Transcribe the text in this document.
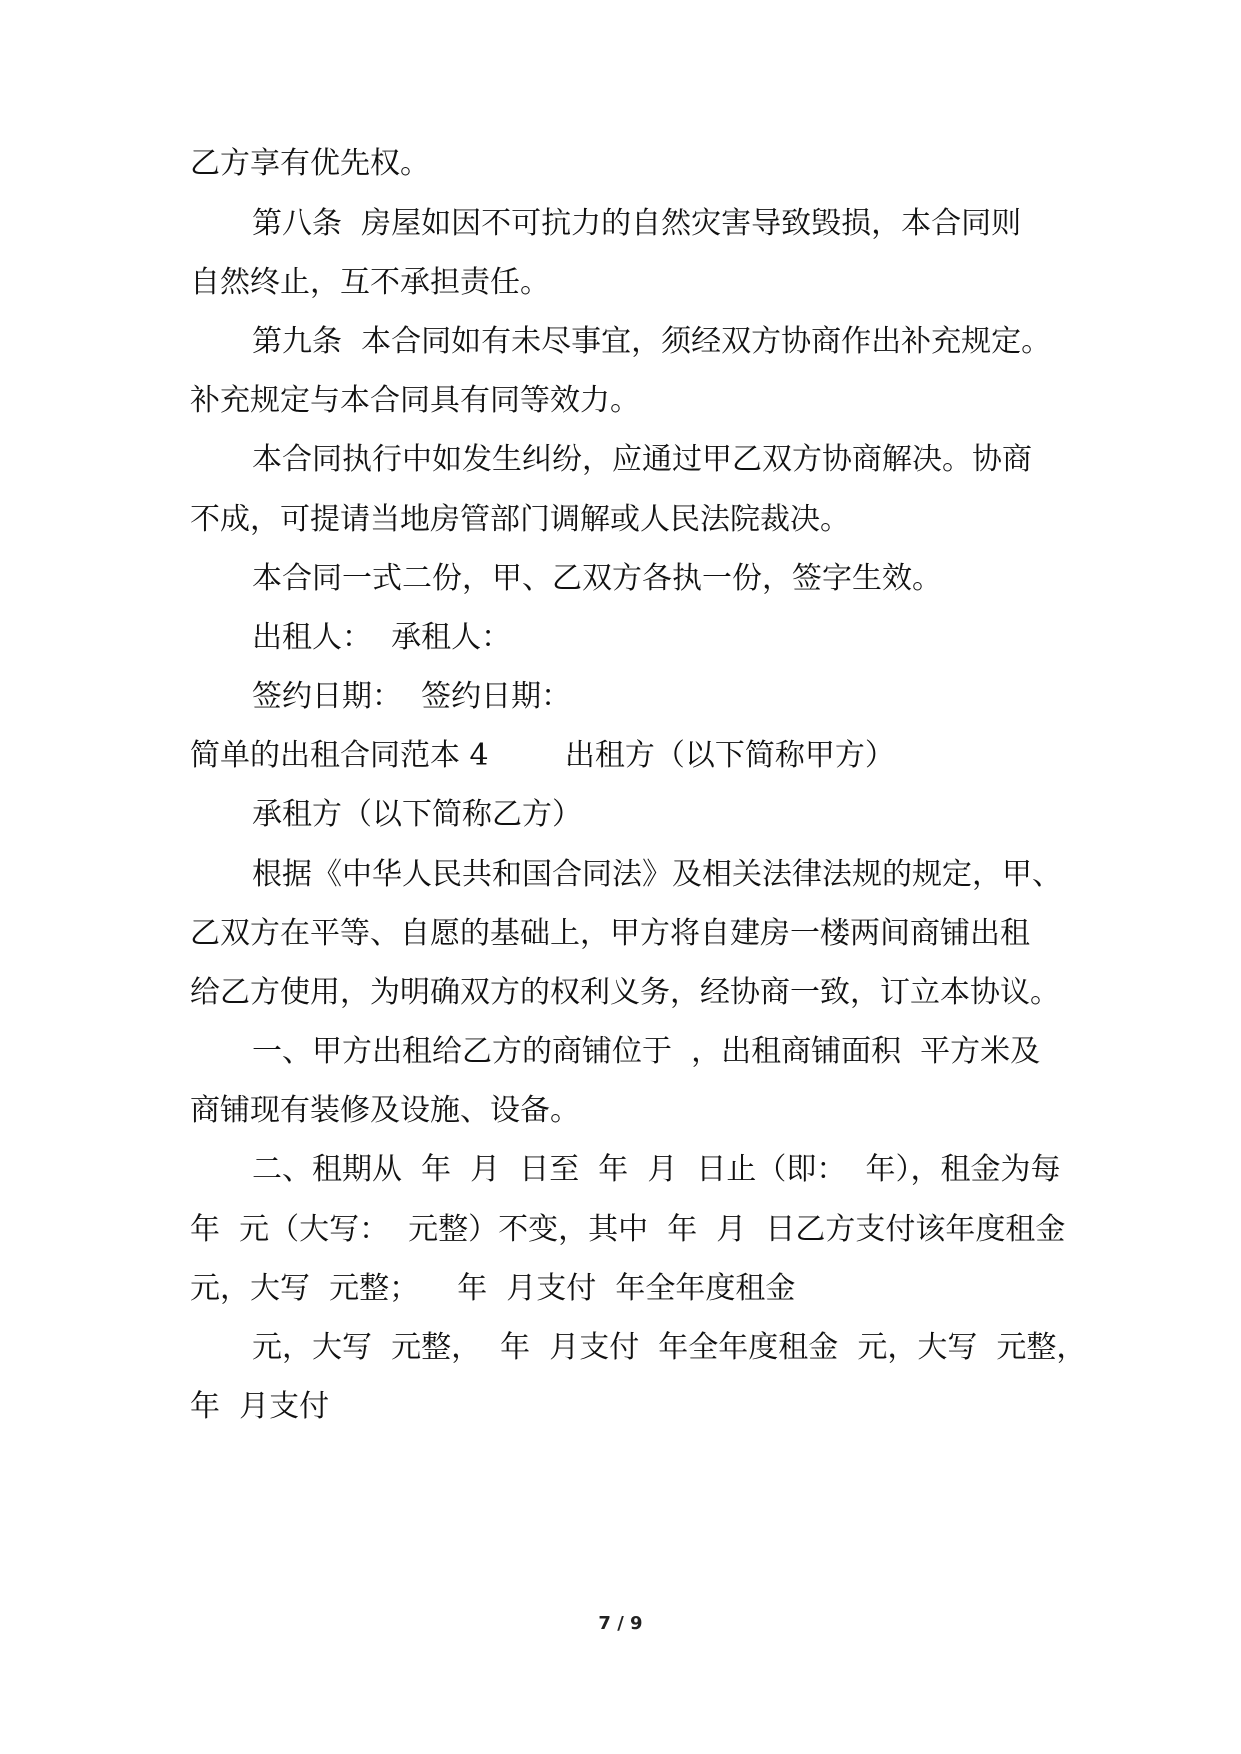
乙方享有优先权。

第八条  房屋如因不可抗力的自然灾害导致毁损，本合同则

自然终止，互不承担责任。

第九条  本合同如有未尽事宜，须经双方协商作出补充规定。

补充规定与本合同具有同等效力。

本合同执行中如发生纠纷，应通过甲乙双方协商解决。协商

不成，可提请当地房管部门调解或人民法院裁决。

本合同一式二份，甲、乙双方各执一份，签字生效。

出租人：  承租人：

签约日期：  签约日期：

简单的出租合同范本 4        出租方（以下简称甲方）

承租方（以下简称乙方）

根据《中华人民共和国合同法》及相关法律法规的规定，甲、

乙双方在平等、自愿的基础上，甲方将自建房一楼两间商铺出租

给乙方使用，为明确双方的权利义务，经协商一致，订立本协议。

一、甲方出租给乙方的商铺位于  ，出租商铺面积  平方米及

商铺现有装修及设施、设备。

二、租期从  年  月  日至  年  月  日止（即：  年），租金为每

年  元（大写：  元整）不变，其中  年  月  日乙方支付该年度租金

元，大写  元整；    年  月支付  年全年度租金

元，大写  元整，  年  月支付  年全年度租金  元，大写  元整，

年  月支付

7 / 9
